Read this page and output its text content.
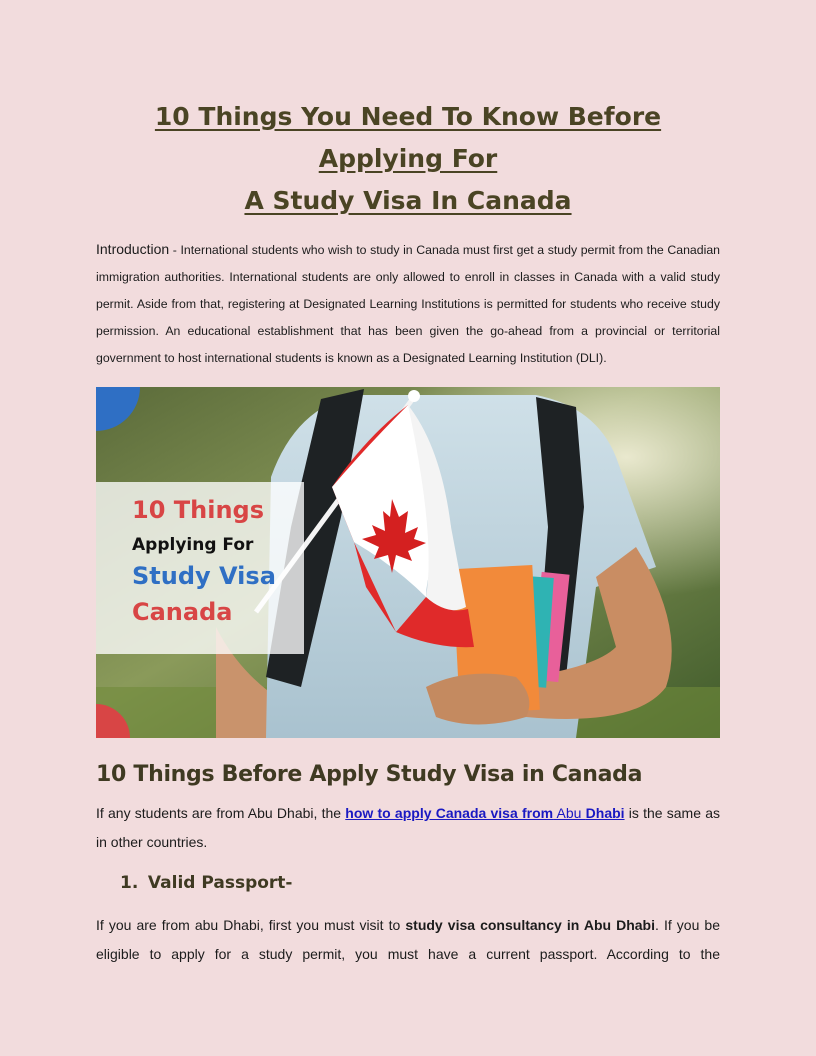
10 Things You Need To Know Before Applying For
A Study Visa In Canada
Introduction - International students who wish to study in Canada must first get a study permit from the Canadian immigration authorities. International students are only allowed to enroll in classes in Canada with a valid study permit. Aside from that, registering at Designated Learning Institutions is permitted for students who receive study permission. An educational establishment that has been given the go-ahead from a provincial or territorial government to host international students is known as a Designated Learning Institution (DLI).
10 Things
Applying For
Study Visa
Canada
10 Things Before Apply Study Visa in Canada
If any students are from Abu Dhabi, the how to apply Canada visa from Abu Dhabi is the same as in other countries.
1. Valid Passport-
If you are from abu Dhabi, first you must visit to study visa consultancy in Abu Dhabi. If you be eligible to apply for a study permit, you must have a current passport. According to the
